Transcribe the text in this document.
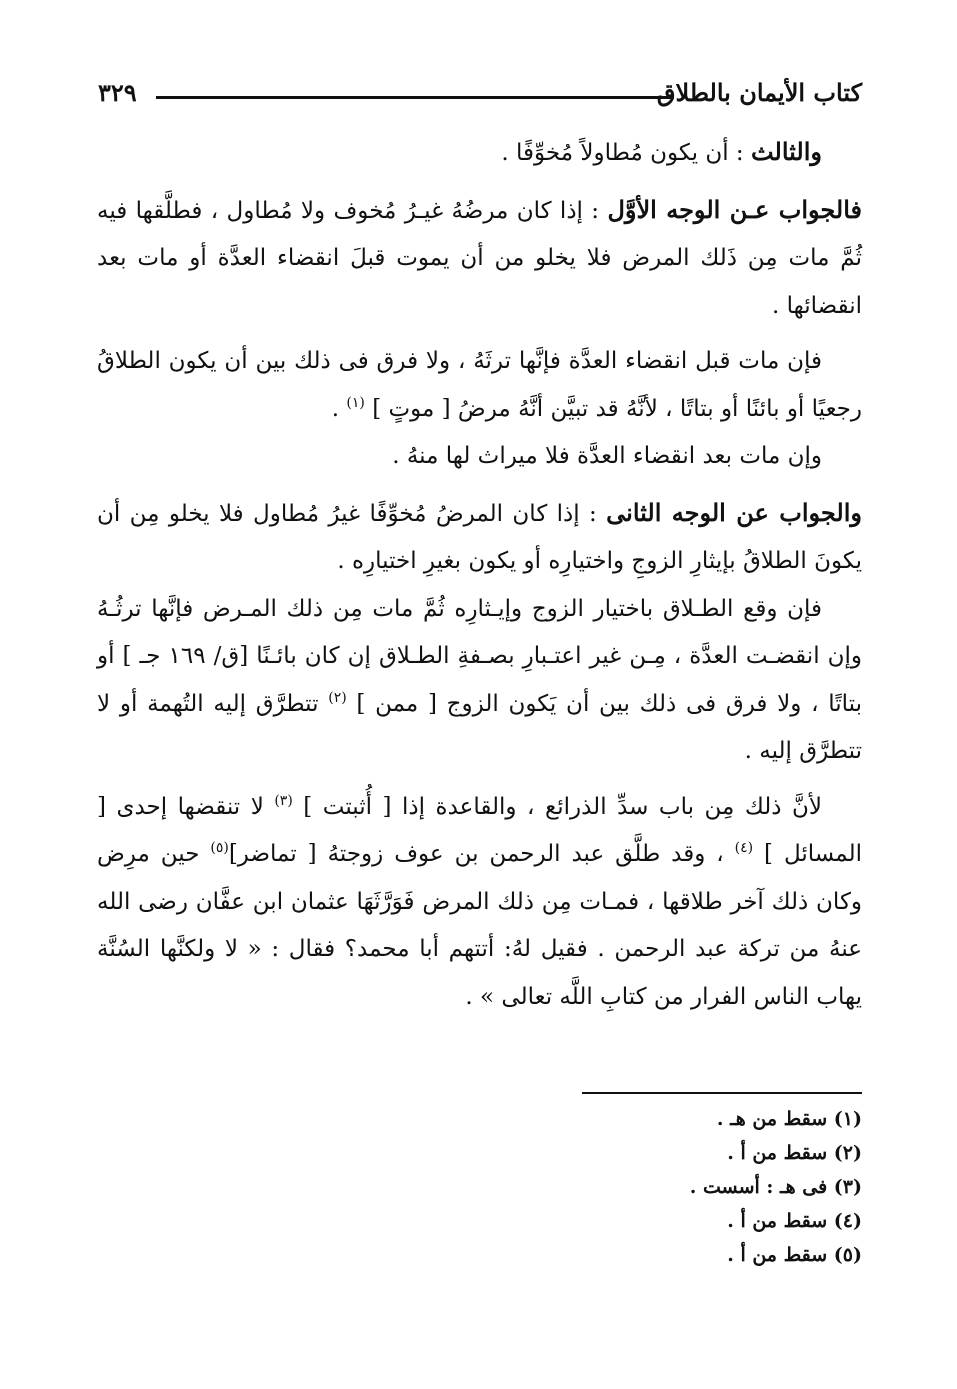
كتاب الأيمان بالطلاق
٣٢٩

والثالث : أن يكون مُطاولاً مُخوِّفًا .

فالجواب عـن الوجه الأوَّل : إذا كان مرضُهُ غيـرُ مُخوف ولا مُطاول ، فطلَّقها فيه ثُمَّ مات مِن ذَلك المرض فلا يخلو من أن يموت قبلَ انقضاء العدَّة أو مات بعد انقضائها .

فإن مات قبل انقضاء العدَّة فإنَّها ترثَهُ ، ولا فرق فى ذلك بين أن يكون الطلاقُ رجعيًا أو بائنًا أو بتاتًا ، لأنَّهُ قد تبيَّن أنَّهُ مرضُ [ موتٍ ] $^{(١)}$ .

وإن مات بعد انقضاء العدَّة فلا ميراث لها منهُ .

والجواب عن الوجه الثانى : إذا كان المرضُ مُخوِّفًا غيرُ مُطاول فلا يخلو مِن أن يكونَ الطلاقُ بإيثارِ الزوجِ واختيارِه أو يكون بغيرِ اختيارِه .

فإن وقع الطـلاق باختيار الزوج وإيـثارِه ثُمَّ مات مِن ذلك المـرض فإنَّها ترثُـهُ وإن انقضـت العدَّة ، مِـن غير اعتـبارِ بصـفةِ الطـلاق إن كان بائـنًا [ق/ ١٦٩ جـ ] أو بتاتًا ، ولا فرق فى ذلك بين أن يَكون الزوج [ ممن ] $^{(٢)}$ تتطرَّق إليه التُهمة أو لا تتطرَّق إليه .

لأنَّ ذلك مِن باب سدِّ الذرائع ، والقاعدة إذا [ أُثبتت ] $^{(٣)}$ لا تنقضها إحدى [ المسائل ] $^{(٤)}$ ، وقد طلَّق عبد الرحمن بن عوف زوجتهُ [ تماضر]$^{(٥)}$ حين مرِض وكان ذلك آخر طلاقها ، فمـات مِن ذلك المرض فَوَرَّثَهَا عثمان ابن عفَّان رضى الله عنهُ من تركة عبد الرحمن . فقيل لهُ: أتتهم أبا محمد؟ فقال : « لا ولكنَّها السُنَّة يهاب الناس الفرار من كتابِ اللَّه تعالى » .

(١) سقط من هـ .

(٢) سقط من أ .

(٣) فى هـ : أسست .

(٤) سقط من أ .

(٥) سقط من أ .
